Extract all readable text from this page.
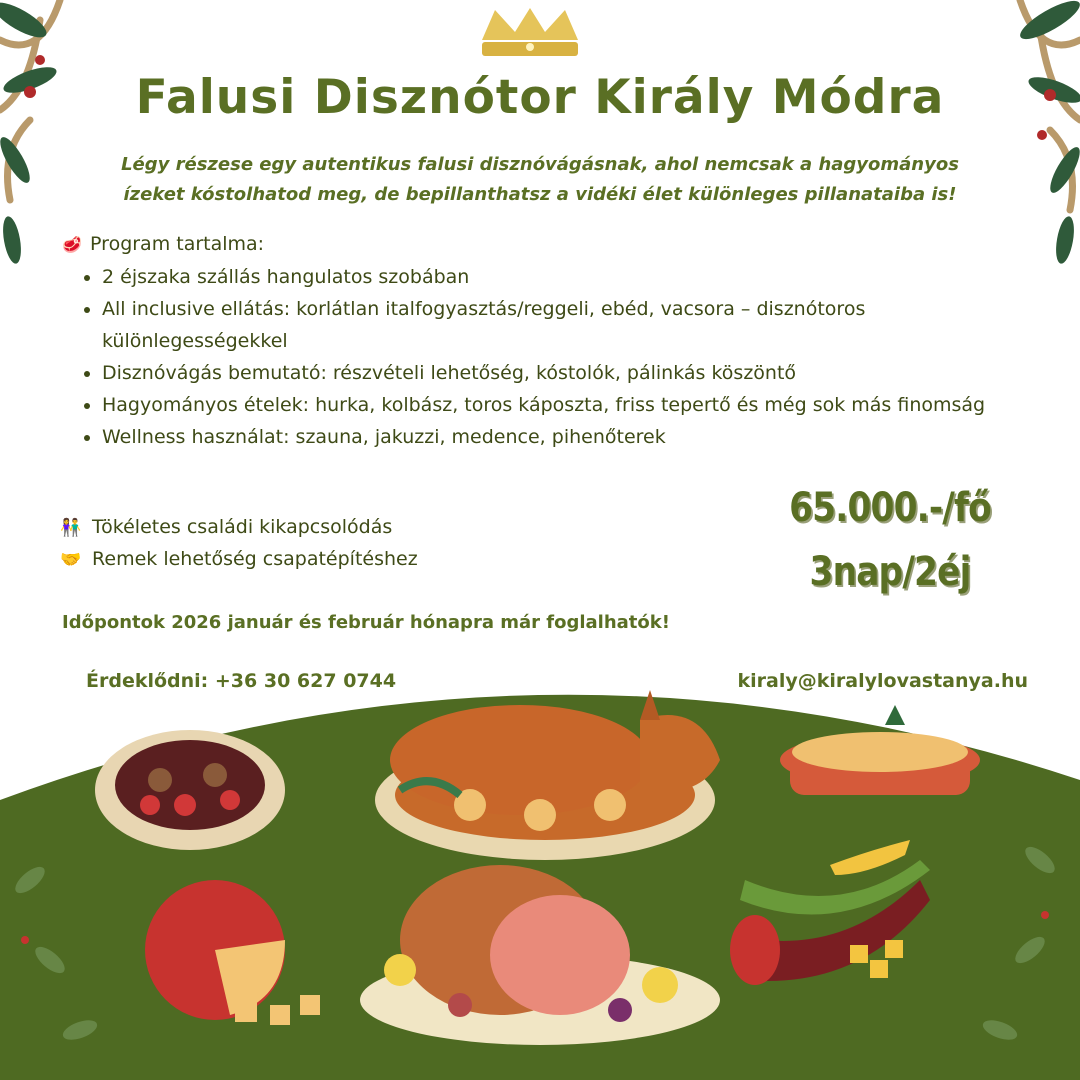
Falusi Disznótor Király Módra
Légy részese egy autentikus falusi disznóvágásnak, ahol nemcsak a hagyományos
ízeket kóstolhatod meg, de bepillanthatsz a vidéki élet különleges pillanataiba is!
🥩 Program tartalma:
• 2 éjszaka szállás hangulatos szobában
• All inclusive ellátás: korlátlan italfogyasztás/reggeli, ebéd, vacsora – disznótoros különlegességekkel
• Disznóvágás bemutató: részvételi lehetőség, kóstolók, pálinkás köszöntő
• Hagyományos ételek: hurka, kolbász, toros káposzta, friss tepertő és még sok más finomság
• Wellness használat: szauna, jakuzzi, medence, pihenőterek
👫 Tökéletes családi kikapcsolódás
🤝 Remek lehetőség csapatépítéshez
65.000.-/fő
3nap/2éj
Időpontok 2026 január és február hónapra már foglalhatók!
Érdeklődni: +36 30 627 0744	kiraly@kiralylovastanya.hu
